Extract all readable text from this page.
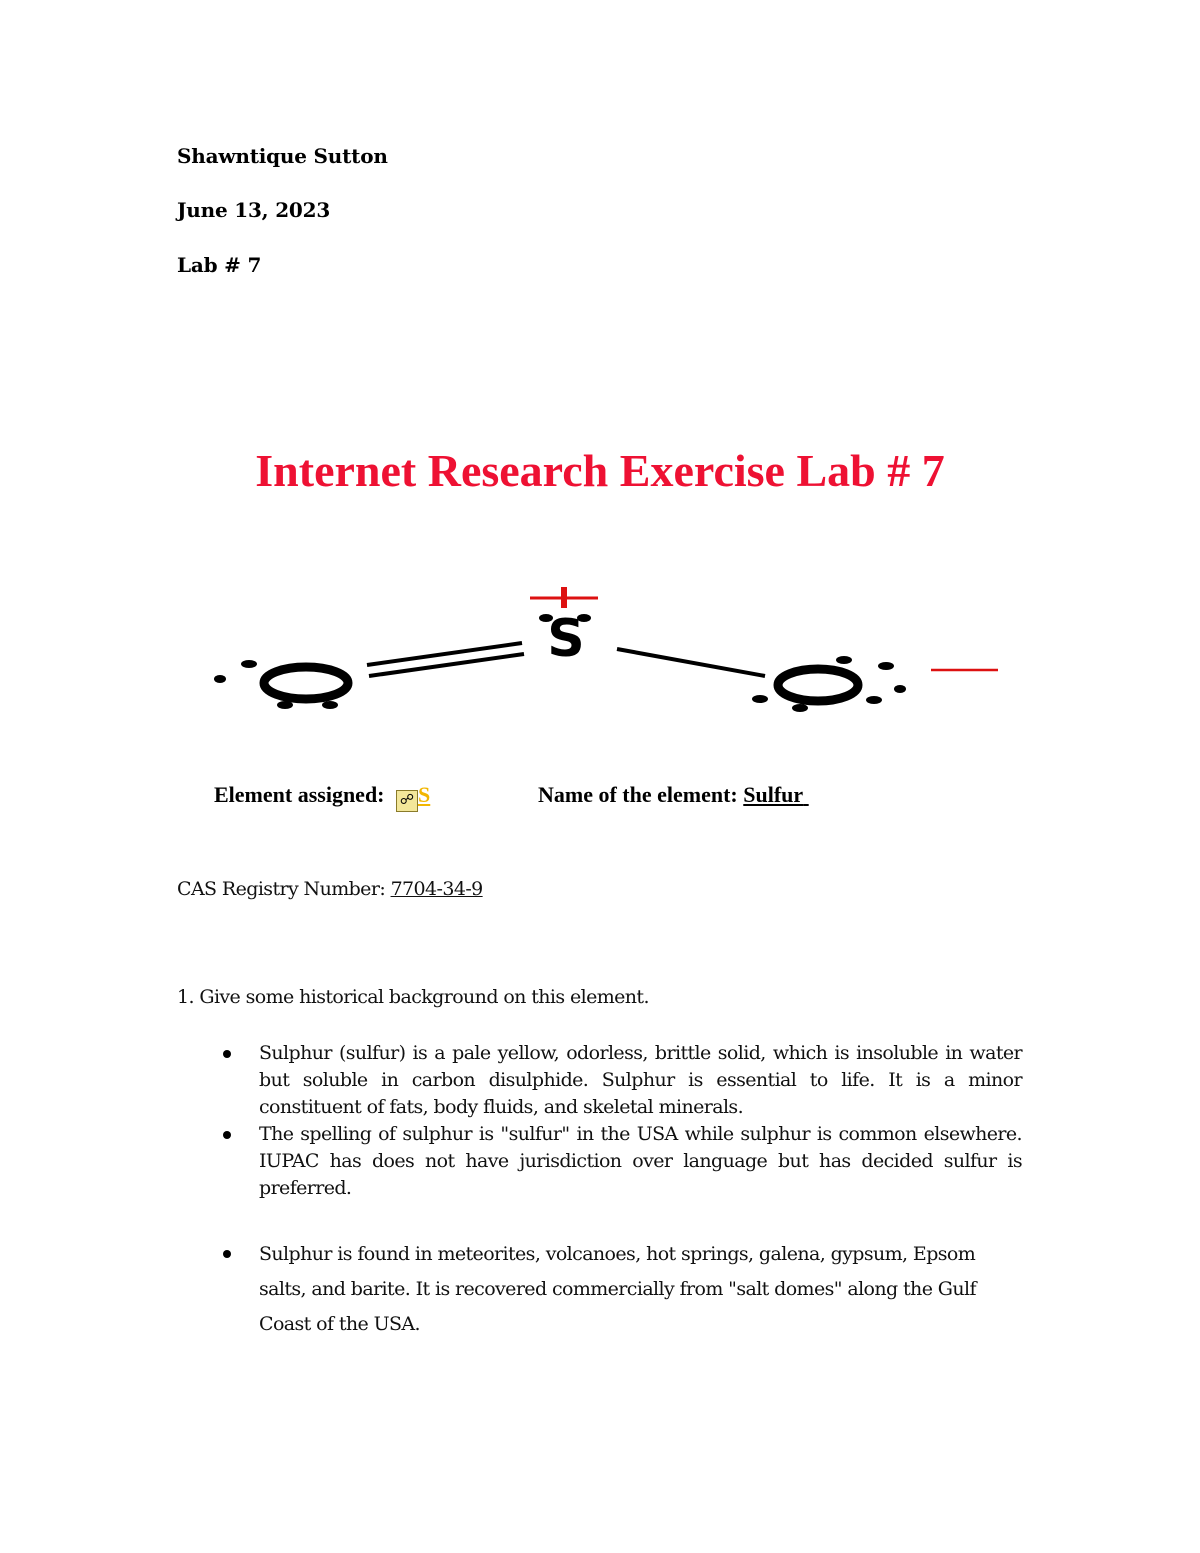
Shawntique Sutton
June 13, 2023
Lab # 7
Internet Research Exercise Lab # 7
S
Element assigned: ☍ S	Name of the element: Sulfur
CAS Registry Number: 7704-34-9
1. Give some historical background on this element.
Sulphur (sulfur) is a pale yellow, odorless, brittle solid, which is insoluble in water but soluble in carbon disulphide. Sulphur is essential to life. It is a minor constituent of fats, body fluids, and skeletal minerals.
The spelling of sulphur is "sulfur" in the USA while sulphur is common elsewhere. IUPAC has does not have jurisdiction over language but has decided sulfur is preferred.
Sulphur is found in meteorites, volcanoes, hot springs, galena, gypsum, Epsom salts, and barite. It is recovered commercially from "salt domes" along the Gulf Coast of the USA.
